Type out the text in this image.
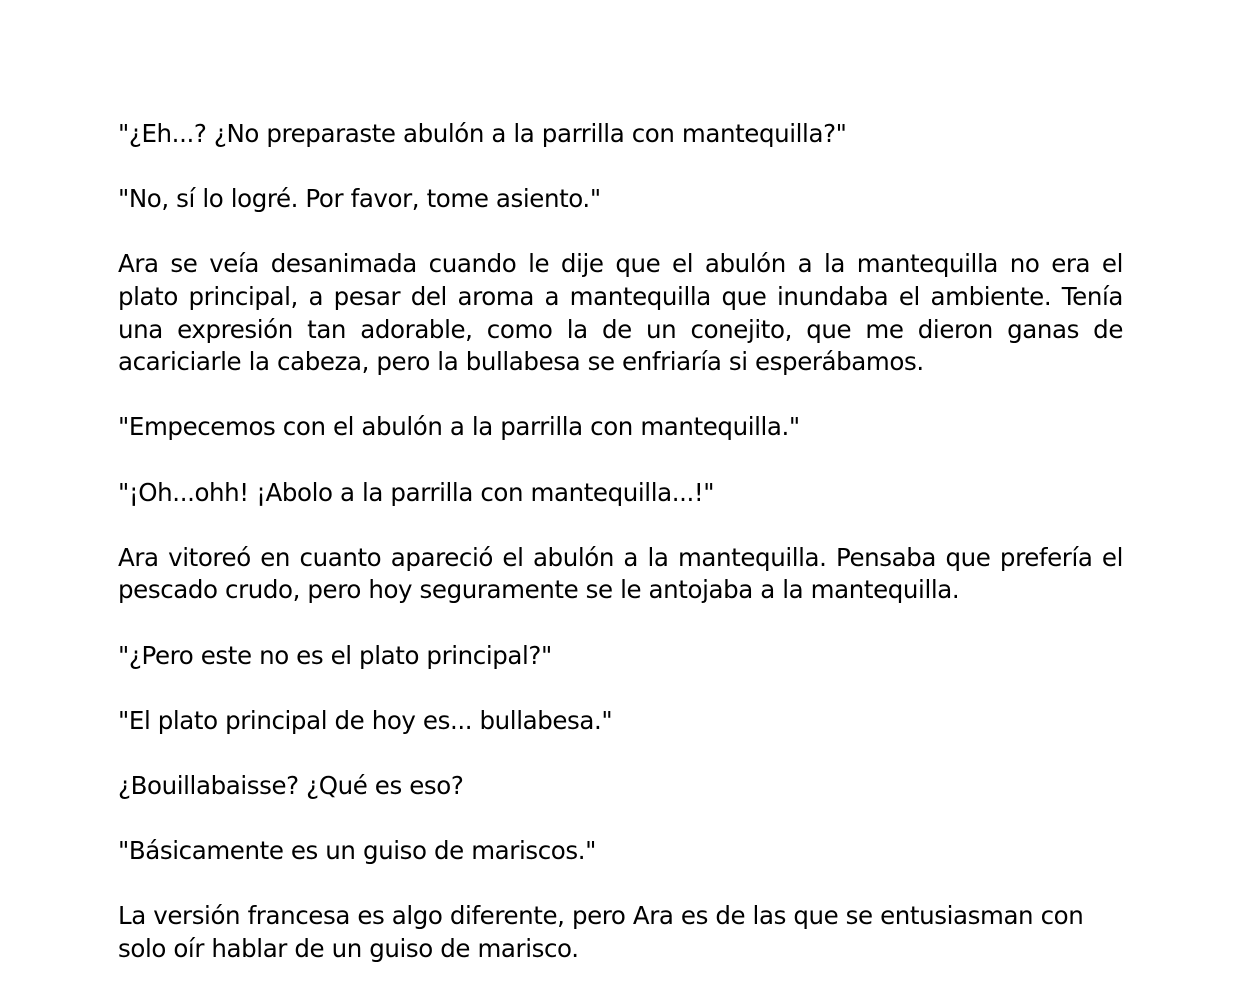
"¿Eh...? ¿No preparaste abulón a la parrilla con mantequilla?"

"No, sí lo logré. Por favor, tome asiento."

Ara se veía desanimada cuando le dije que el abulón a la mantequilla no era el plato principal, a pesar del aroma a mantequilla que inundaba el ambiente. Tenía una expresión tan adorable, como la de un conejito, que me dieron ganas de acariciarle la cabeza, pero la bullabesa se enfriaría si esperábamos.

"Empecemos con el abulón a la parrilla con mantequilla."

"¡Oh...ohh! ¡Abolo a la parrilla con mantequilla...!"

Ara vitoreó en cuanto apareció el abulón a la mantequilla. Pensaba que prefería el pescado crudo, pero hoy seguramente se le antojaba a la mantequilla.

"¿Pero este no es el plato principal?"

"El plato principal de hoy es... bullabesa."

¿Bouillabaisse? ¿Qué es eso?

"Básicamente es un guiso de mariscos."

La versión francesa es algo diferente, pero Ara es de las que se entusiasman con solo oír hablar de un guiso de marisco.
